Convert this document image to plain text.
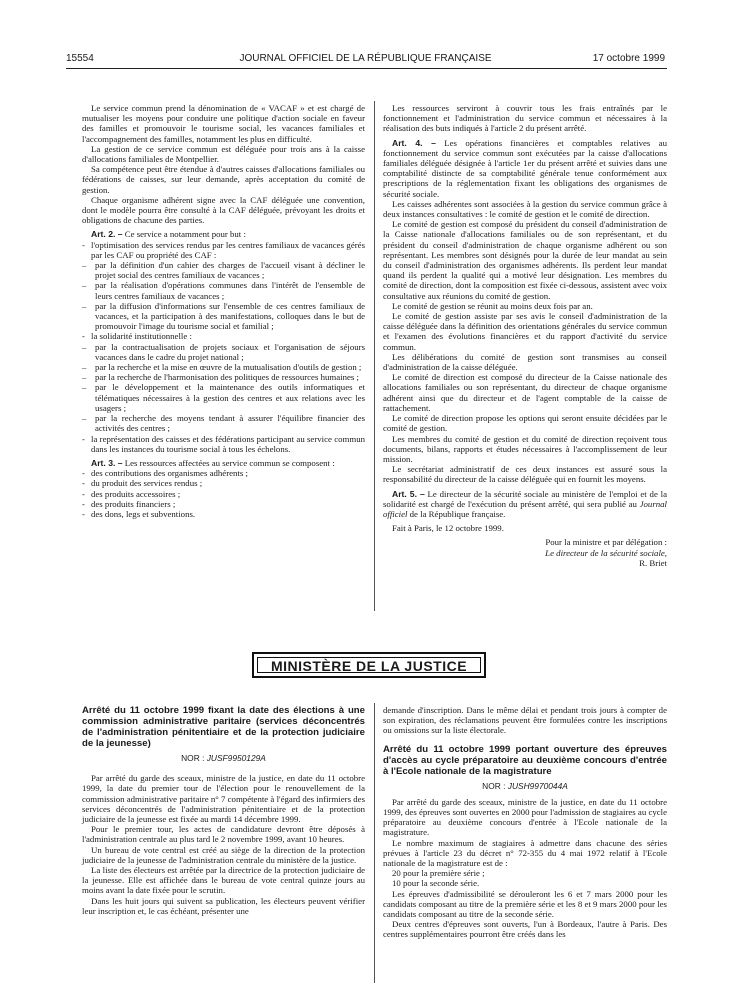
15554	JOURNAL OFFICIEL DE LA RÉPUBLIQUE FRANÇAISE	17 octobre 1999

Le service commun prend la dénomination de « VACAF » et est chargé de mutualiser les moyens pour conduire une politique d'action sociale en faveur des familles et promouvoir le tourisme social, les vacances familiales et l'accompagnement des familles, notamment les plus en difficulté.

La gestion de ce service commun est déléguée pour trois ans à la caisse d'allocations familiales de Montpellier.

Sa compétence peut être étendue à d'autres caisses d'allocations familiales ou fédérations de caisses, sur leur demande, après acceptation du comité de gestion.

Chaque organisme adhérent signe avec la CAF déléguée une convention, dont le modèle pourra être consulté à la CAF déléguée, prévoyant les droits et obligations de chacune des parties.

Art. 2. – Ce service a notamment pour but :

- l'optimisation des services rendus par les centres familiaux de vacances gérés par les CAF ou propriété des CAF :

– par la définition d'un cahier des charges de l'accueil visant à décliner le projet social des centres familiaux de vacances ;

– par la réalisation d'opérations communes dans l'intérêt de l'ensemble de leurs centres familiaux de vacances ;

– par la diffusion d'informations sur l'ensemble de ces centres familiaux de vacances, et la participation à des manifestations, colloques dans le but de promouvoir l'image du tourisme social et familial ;

- la solidarité institutionnelle :

– par la contractualisation de projets sociaux et l'organisation de séjours vacances dans le cadre du projet national ;

– par la recherche et la mise en œuvre de la mutualisation d'outils de gestion ;

– par la recherche de l'harmonisation des politiques de ressources humaines ;

– par le développement et la maintenance des outils informatiques et télématiques nécessaires à la gestion des centres et aux relations avec les usagers ;

– par la recherche des moyens tendant à assurer l'équilibre financier des activités des centres ;

- la représentation des caisses et des fédérations participant au service commun dans les instances du tourisme social à tous les échelons.

Art. 3. – Les ressources affectées au service commun se composent :

- des contributions des organismes adhérents ;

- du produit des services rendus ;

- des produits accessoires ;

- des produits financiers ;

- des dons, legs et subventions.

Les ressources serviront à couvrir tous les frais entraînés par le fonctionnement et l'administration du service commun et nécessaires à la réalisation des buts indiqués à l'article 2 du présent arrêté.

Art. 4. – Les opérations financières et comptables relatives au fonctionnement du service commun sont exécutées par la caisse d'allocations familiales déléguée désignée à l'article 1er du présent arrêté et suivies dans une comptabilité distincte de sa comptabilité générale tenue conformément aux prescriptions de la réglementation fixant les obligations des organismes de sécurité sociale.

Les caisses adhérentes sont associées à la gestion du service commun grâce à deux instances consultatives : le comité de gestion et le comité de direction.

Le comité de gestion est composé du président du conseil d'administration de la Caisse nationale d'allocations familiales ou de son représentant, et du président du conseil d'administration de chaque organisme adhérent ou son représentant. Les membres sont désignés pour la durée de leur mandat au sein du conseil d'administration des organismes adhérents. Ils perdent leur mandat quand ils perdent la qualité qui a motivé leur désignation. Les membres du comité de direction, dont la composition est fixée ci-dessous, assistent avec voix consultative aux réunions du comité de gestion.

Le comité de gestion se réunit au moins deux fois par an.

Le comité de gestion assiste par ses avis le conseil d'administration de la caisse déléguée dans la définition des orientations générales du service commun et l'examen des évolutions financières et du rapport d'activité du service commun.

Les délibérations du comité de gestion sont transmises au conseil d'administration de la caisse déléguée.

Le comité de direction est composé du directeur de la Caisse nationale des allocations familiales ou son représentant, du directeur de chaque organisme adhérent ainsi que du directeur et de l'agent comptable de la caisse de rattachement.

Le comité de direction propose les options qui seront ensuite décidées par le comité de gestion.

Les membres du comité de gestion et du comité de direction reçoivent tous documents, bilans, rapports et études nécessaires à l'accomplissement de leur mission.

Le secrétariat administratif de ces deux instances est assuré sous la responsabilité du directeur de la caisse déléguée qui en fournit les moyens.

Art. 5. – Le directeur de la sécurité sociale au ministère de l'emploi et de la solidarité est chargé de l'exécution du présent arrêté, qui sera publié au Journal officiel de la République française.

Fait à Paris, le 12 octobre 1999.

Pour la ministre et par délégation :

Le directeur de la sécurité sociale,

R. Briet

MINISTÈRE DE LA JUSTICE

Arrêté du 11 octobre 1999 fixant la date des élections à une commission administrative paritaire (services déconcentrés de l'administration pénitentiaire et de la protection judiciaire de la jeunesse)

NOR : JUSF9950129A

Par arrêté du garde des sceaux, ministre de la justice, en date du 11 octobre 1999, la date du premier tour de l'élection pour le renouvellement de la commission administrative paritaire n° 7 compétente à l'égard des infirmiers des services déconcentrés de l'administration pénitentiaire et de la protection judiciaire de la jeunesse est fixée au mardi 14 décembre 1999.

Pour le premier tour, les actes de candidature devront être déposés à l'administration centrale au plus tard le 2 novembre 1999, avant 10 heures.

Un bureau de vote central est créé au siège de la direction de la protection judiciaire de la jeunesse de l'administration centrale du ministère de la justice.

La liste des électeurs est arrêtée par la directrice de la protection judiciaire de la jeunesse. Elle est affichée dans le bureau de vote central quinze jours au moins avant la date fixée pour le scrutin.

Dans les huit jours qui suivent sa publication, les électeurs peuvent vérifier leur inscription et, le cas échéant, présenter une

demande d'inscription. Dans le même délai et pendant trois jours à compter de son expiration, des réclamations peuvent être formulées contre les inscriptions ou omissions sur la liste électorale.

Arrêté du 11 octobre 1999 portant ouverture des épreuves d'accès au cycle préparatoire au deuxième concours d'entrée à l'Ecole nationale de la magistrature

NOR : JUSH9970044A

Par arrêté du garde des sceaux, ministre de la justice, en date du 11 octobre 1999, des épreuves sont ouvertes en 2000 pour l'admission de stagiaires au cycle préparatoire au deuxième concours d'entrée à l'Ecole nationale de la magistrature.

Le nombre maximum de stagiaires à admettre dans chacune des séries prévues à l'article 23 du décret n° 72-355 du 4 mai 1972 relatif à l'Ecole nationale de la magistrature est de :

20 pour la première série ;

10 pour la seconde série.

Les épreuves d'admissibilité se dérouleront les 6 et 7 mars 2000 pour les candidats composant au titre de la première série et les 8 et 9 mars 2000 pour les candidats composant au titre de la seconde série.

Deux centres d'épreuves sont ouverts, l'un à Bordeaux, l'autre à Paris. Des centres supplémentaires pourront être créés dans les
